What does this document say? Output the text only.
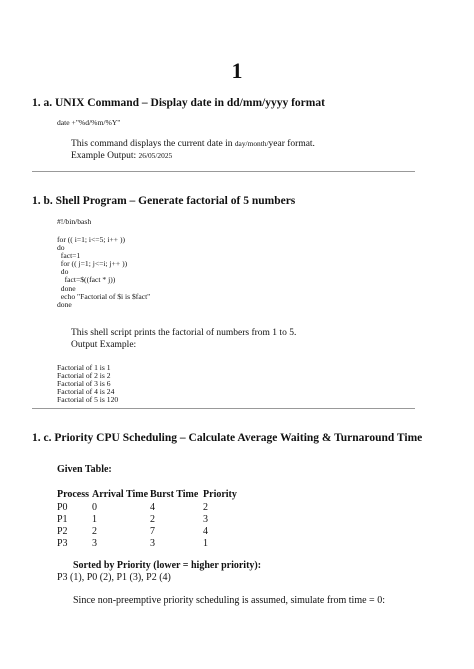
1
1. a. UNIX Command – Display date in dd/mm/yyyy format
date +"%d/%m/%Y"
This command displays the current date in day/month/year format.
Example Output: 26/05/2025
1. b. Shell Program – Generate factorial of 5 numbers
#!/bin/bash
for (( i=1; i<=5; i++ ))
do
fact=1
for (( j=1; j<=i; j++ ))
do
fact=$((fact * j))
done
echo "Factorial of $i is $fact"
done
This shell script prints the factorial of numbers from 1 to 5.
Output Example:
Factorial of 1 is 1
Factorial of 2 is 2
Factorial of 3 is 6
Factorial of 4 is 24
Factorial of 5 is 120
1. c. Priority CPU Scheduling – Calculate Average Waiting & Turnaround Time
Given Table:
Process	Arrival Time	Burst Time	Priority
P0	0	4	2
P1	1	2	3
P2	2	7	4
P3	3	3	1
Sorted by Priority (lower = higher priority):
P3 (1), P0 (2), P1 (3), P2 (4)
Since non-preemptive priority scheduling is assumed, simulate from time = 0:
